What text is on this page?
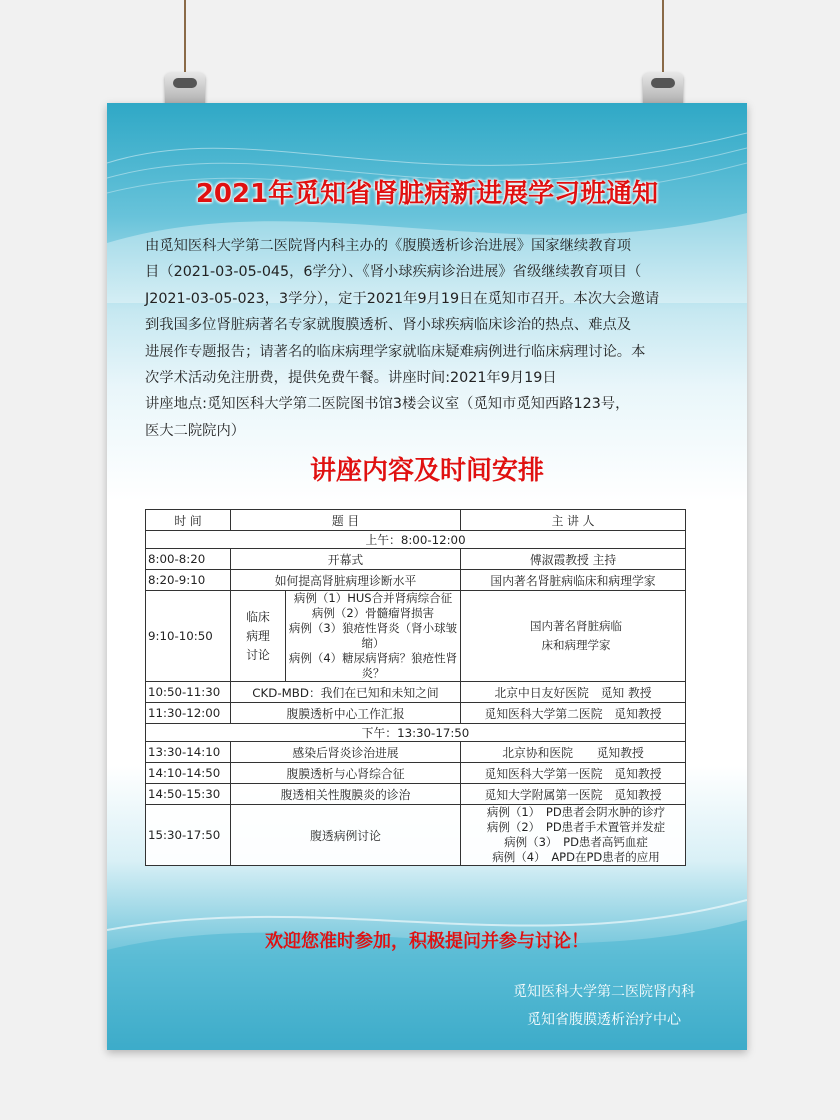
2021年觅知省肾脏病新进展学习班通知

由觅知医科大学第二医院肾内科主办的《腹膜透析诊治进展》国家继续教育项

目（2021-03-05-045，6学分）、《肾小球疾病诊治进展》省级继续教育项目（

J2021-03-05-023，3学分），定于2021年9月19日在觅知市召开。本次大会邀请

到我国多位肾脏病著名专家就腹膜透析、肾小球疾病临床诊治的热点、难点及

进展作专题报告；请著名的临床病理学家就临床疑难病例进行临床病理讨论。本

次学术活动免注册费，提供免费午餐。讲座时间:2021年9月19日

讲座地点:觅知医科大学第二医院图书馆3楼会议室（觅知市觅知西路123号，

医大二院院内）

讲座内容及时间安排
时 间	题 目		主 讲 人
上午：8:00-12:00			
8:00-8:20	开幕式		傅淑霞教授 主持
8:20-9:10	如何提高肾脏病理诊断水平		国内著名肾脏病临床和病理学家
9:10-10:50	临床
病理
讨论	病例（1）HUS合并肾病综合征
病例（2）骨髓瘤肾损害
病例（3）狼疮性肾炎（肾小球皱缩）
病例（4）糖尿病肾病？狼疮性肾炎？	国内著名肾脏病临
床和病理学家

10:50-11:30	CKD-MBD：我们在已知和未知之间		北京中日友好医院　觅知 教授
11:30-12:00	腹膜透析中心工作汇报		觅知医科大学第二医院　觅知教授
下午：13:30-17:50			
13:30-14:10	感染后肾炎诊治进展		北京协和医院　　觅知教授
14:10-14:50	腹膜透析与心肾综合征		觅知医科大学第一医院　觅知教授
14:50-15:30	腹透相关性腹膜炎的诊治		觅知大学附属第一医院　觅知教授
15:30-17:50	腹透病例讨论		病例（1）　PD患者会阴水肿的诊疗
病例（2）　PD患者手术置管并发症
病例（3）　PD患者高钙血症
病例（4）　APD在PD患者的应用
欢迎您准时参加，积极提问并参与讨论！
觅知医科大学第二医院肾内科
觅知省腹膜透析治疗中心
